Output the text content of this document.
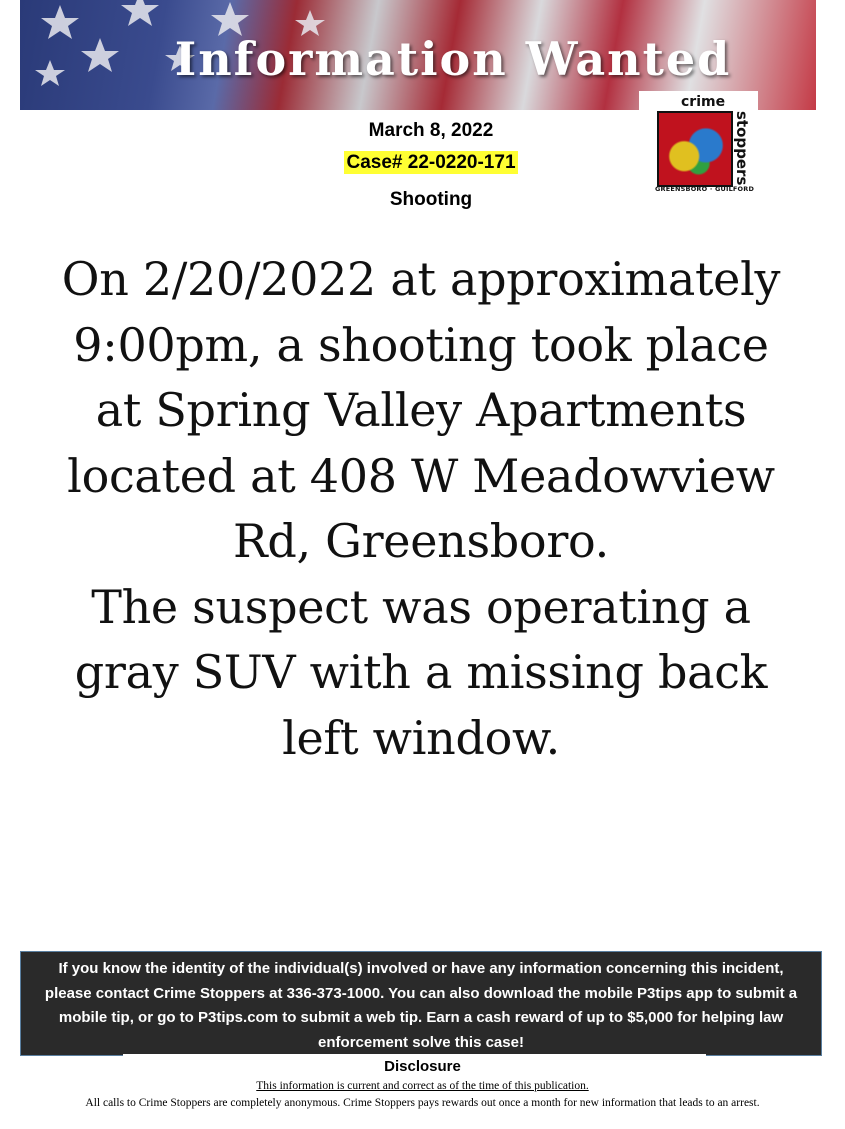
Information Wanted
crime
stoppers
GREENSBORO · GUILFORD
March 8, 2022
Case# 22-0220-171
Shooting

On 2/20/2022 at approximately 9:00pm, a shooting took place at Spring Valley Apartments located at 408 W Meadowview Rd, Greensboro.

The suspect was operating a gray SUV with a missing back left window.

If you know the identity of the individual(s) involved or have any information concerning this incident, please contact Crime Stoppers at 336-373-1000. You can also download the mobile P3tips app to submit a mobile tip, or go to P3tips.com to submit a web tip. Earn a cash reward of up to $5,000 for helping law enforcement solve this case!
Disclosure
This information is current and correct as of the time of this publication.
All calls to Crime Stoppers are completely anonymous. Crime Stoppers pays rewards out once a month for new information that leads to an arrest.
